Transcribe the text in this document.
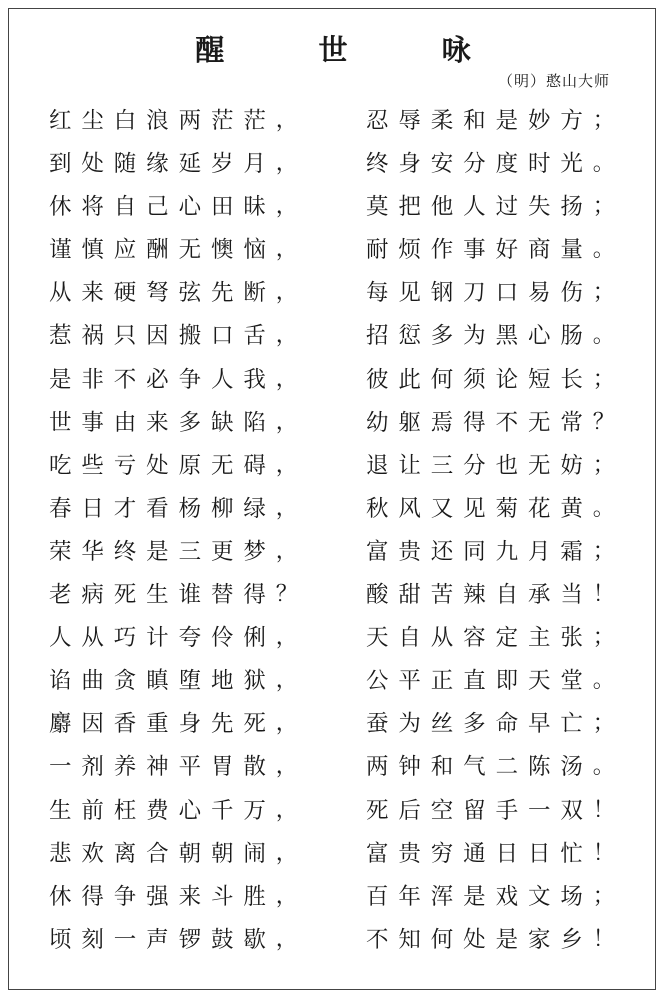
醒 世 咏
（明）憨山大师
红 尘 白 浪 两 茫 茫 ，	忍 辱 柔 和 是 妙 方 ；
到 处 随 缘 延 岁 月 ，	终 身 安 分 度 时 光 。
休 将 自 己 心 田 昧 ，	莫 把 他 人 过 失 扬 ；
谨 慎 应 酬 无 懊 恼 ，	耐 烦 作 事 好 商 量 。
从 来 硬 弩 弦 先 断 ，	每 见 钢 刀 口 易 伤 ；
惹 祸 只 因 搬 口 舌 ，	招 愆 多 为 黑 心 肠 。
是 非 不 必 争 人 我 ，	彼 此 何 须 论 短 长 ；
世 事 由 来 多 缺 陷 ，	幼 躯 焉 得 不 无 常 ？
吃 些 亏 处 原 无 碍 ，	退 让 三 分 也 无 妨 ；
春 日 才 看 杨 柳 绿 ，	秋 风 又 见 菊 花 黄 。
荣 华 终 是 三 更 梦 ，	富 贵 还 同 九 月 霜 ；
老 病 死 生 谁 替 得 ？	酸 甜 苦 辣 自 承 当 ！
人 从 巧 计 夸 伶 俐 ，	天 自 从 容 定 主 张 ；
谄 曲 贪 瞋 堕 地 狱 ，	公 平 正 直 即 天 堂 。
麝 因 香 重 身 先 死 ，	蚕 为 丝 多 命 早 亡 ；
一 剂 养 神 平 胃 散 ，	两 钟 和 气 二 陈 汤 。
生 前 枉 费 心 千 万 ，	死 后 空 留 手 一 双 ！
悲 欢 离 合 朝 朝 闹 ，	富 贵 穷 通 日 日 忙 ！
休 得 争 强 来 斗 胜 ，	百 年 浑 是 戏 文 场 ；
顷 刻 一 声 锣 鼓 歇 ，	不 知 何 处 是 家 乡 ！
